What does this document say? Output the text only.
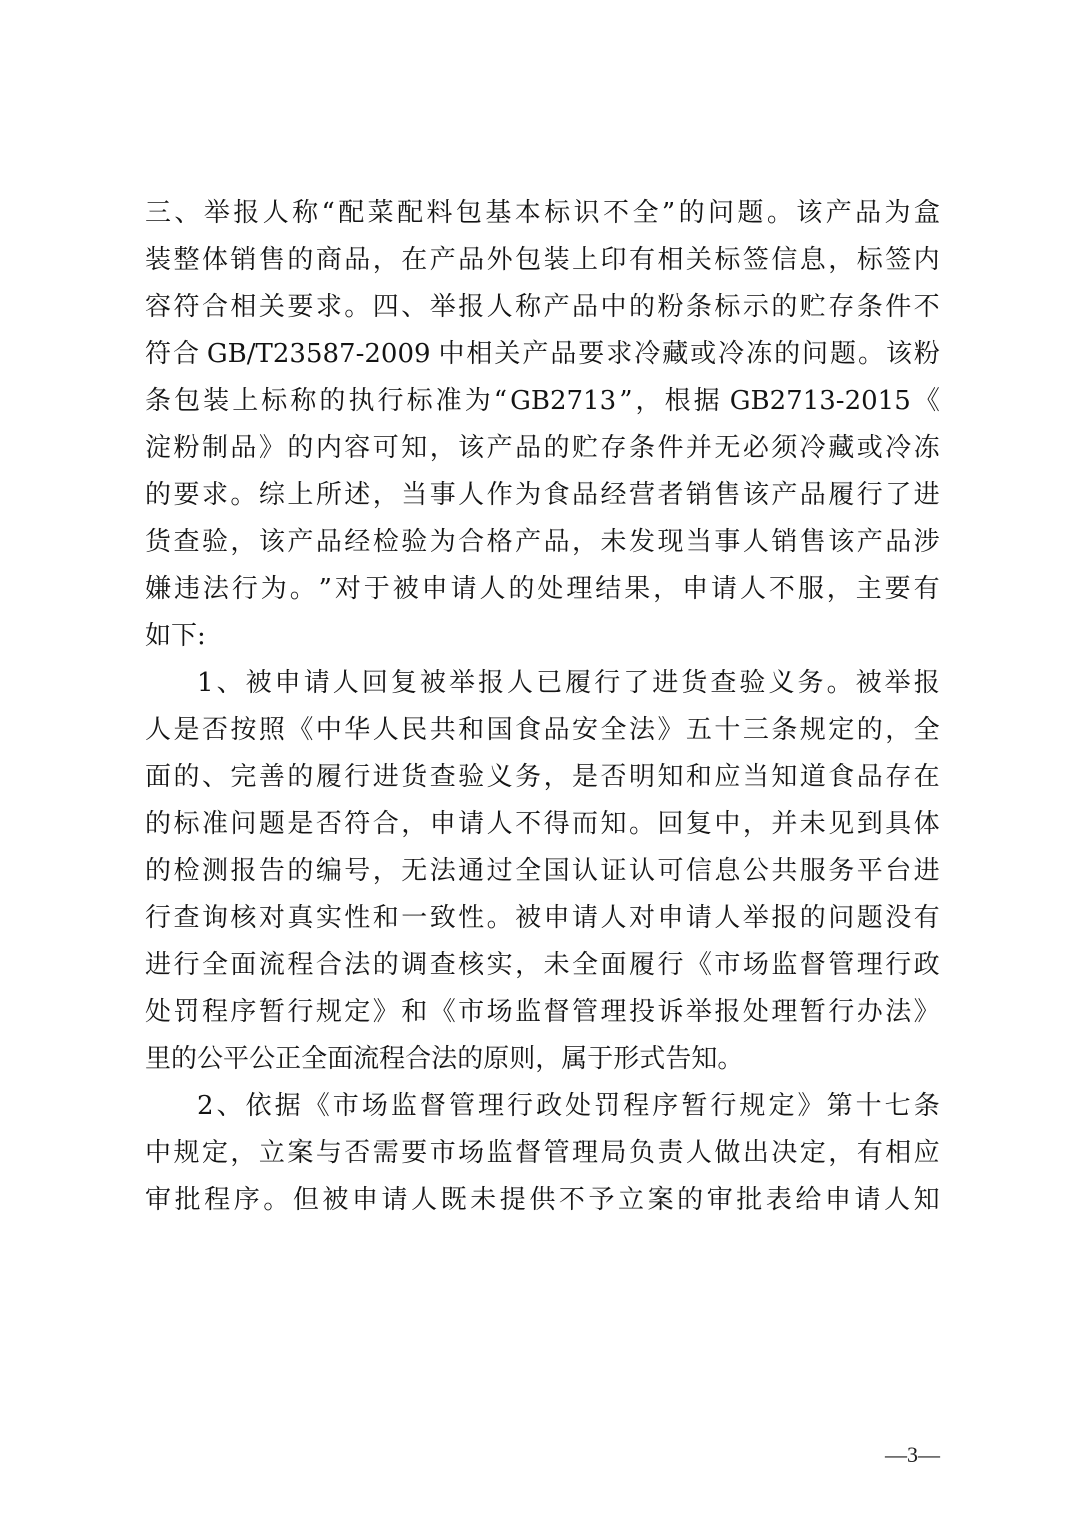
三 、 举 报 人 称 “ 配 菜 配 料 包 基 本 标 识 不 全 ” 的 问 题 。 该 产 品 为 盒
装 整 体 销 售 的 商 品 ， 在 产 品 外 包 装 上 印 有 相 关 标 签 信 息 ， 标 签 内
容 符 合 相 关 要 求 。 四 、 举 报 人 称 产 品 中 的 粉 条 标 示 的 贮 存 条 件 不
符 合
GB/T23587-2009
中 相 关 产 品 要 求 冷 藏 或 冷 冻 的 问 题 。 该 粉
条 包 装 上 标 称 的 执 行 标 准 为 “ GB2713 ” ， 根 据
GB2713-2015 《
淀 粉 制 品 》 的 内 容 可 知 ， 该 产 品 的 贮 存 条 件 并 无 必 须 冷 藏 或 冷 冻
的 要 求 。 综 上 所 述 ， 当 事 人 作 为 食 品 经 营 者 销 售 该 产 品 履 行 了 进
货 查 验 ， 该 产 品 经 检 验 为 合 格 产 品 ， 未 发 现 当 事 人 销 售 该 产 品 涉
嫌 违 法 行 为 。 ” 对 于 被 申 请 人 的 处 理 结 果 ， 申 请 人 不 服 ， 主 要 有
如 下 :
1 、 被 申 请 人 回 复 被 举 报 人 已 履 行 了 进 货 查 验 义 务 。 被 举 报
人 是 否 按 照 《 中 华 人 民 共 和 国 食 品 安 全 法 》 五 十 三 条 规 定 的 ， 全
面 的 、 完 善 的 履 行 进 货 查 验 义 务 ， 是 否 明 知 和 应 当 知 道 食 品 存 在
的 标 准 问 题 是 否 符 合 ， 申 请 人 不 得 而 知 。 回 复 中 ， 并 未 见 到 具 体
的 检 测 报 告 的 编 号 ， 无 法 通 过 全 国 认 证 认 可 信 息 公 共 服 务 平 台 进
行 查 询 核 对 真 实 性 和 一 致 性 。 被 申 请 人 对 申 请 人 举 报 的 问 题 没 有
进 行 全 面 流 程 合 法 的 调 查 核 实 ， 未 全 面 履 行 《 市 场 监 督 管 理 行 政
处 罚 程 序 暂 行 规 定 》 和 《 市 场 监 督 管 理 投 诉 举 报 处 理 暂 行 办 法 》
里 的 公 平 公 正 全 面 流 程 合 法 的 原 则 ， 属 于 形 式 告 知 。
2 、 依 据 《 市 场 监 督 管 理 行 政 处 罚 程 序 暂 行 规 定 》 第 十 七 条
中 规 定 ， 立 案 与 否 需 要 市 场 监 督 管 理 局 负 责 人 做 出 决 定 ， 有 相 应
审 批 程 序 。 但 被 申 请 人 既 未 提 供 不 予 立 案 的 审 批 表 给 申 请 人 知
—3—
